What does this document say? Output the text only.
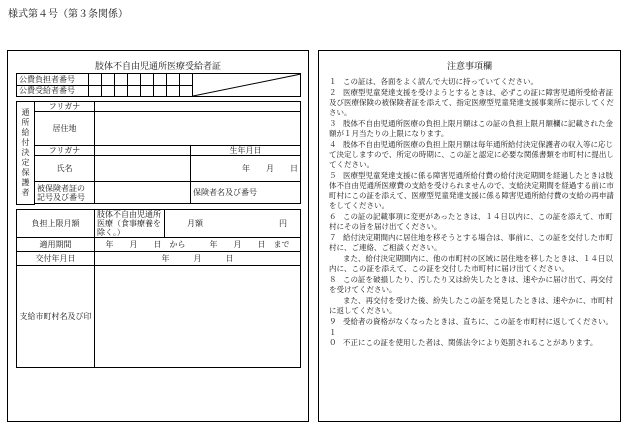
様式第４号（第３条関係）
肢体不自由児通所医療受給者証
公費負担者番号									

公費受給者番号									
通所給付決定保護者	フリガナ		
	居住地		
	フリガナ		生年月日
	氏名		年　　月　　日
	被保険者証の記号及び番号		保険者名及び番号

負担上限月額	肢体不自由児通所医療（食事療養を除く。）	月額 円
適用期間	年　　月　　日　から　　　年　　月　　日　まで	
交付年月日	年　　　月　　　日	
支給市町村名及び印		
注意事項欄
１ この証は、各面をよく読んで大切に持っていてください。
２ 医療型児童発達支援を受けようとするときは、必ずこの証に障害児通所受給者証及び医療保険の被保険者証を添えて、指定医療型児童発達支援事業所に提示してください。
３ 肢体不自由児通所医療の負担上限月額はこの証の負担上限月額欄に記載された金額が１月当たりの上限になります。
４ 肢体不自由児通所医療の負担上限月額は毎年通所給付決定保護者の収入等に応じて決定しますので、所定の時期に、この証と認定に必要な関係書類を市町村に提出してください。
５ 医療型児童発達支援に係る障害児通所給付費の給付決定期間を経過したときは肢体不自由児通所医療費の支給を受けられませんので、支給決定期間を経過する前に市町村にこの証を添えて、医療型児童発達支援に係る障害児通所給付費の支給の再申請をしてください。
６ この証の記載事項に変更があったときは、１４日以内に、この証を添えて、市町村にその旨を届け出てください。
７ 給付決定期間内に居住地を移そうとする場合は、事前に、この証を交付した市町村に、ご連絡、ご相談ください。
また、給付決定期間内に、他の市町村の区域に居住地を移したときは、１４日以内に、この証を添えて、この証を交付した市町村に届け出てください。
８ この証を破損したり、汚したり又は紛失したときは、速やかに届け出て、再交付を受けてください。
また、再交付を受けた後、紛失したこの証を発見したときは、速やかに、市町村に返してください。
９ 受給者の資格がなくなったときは、直ちに、この証を市町村に返してください。
１０ 不正にこの証を使用した者は、関係法令により処罰されることがあります。
